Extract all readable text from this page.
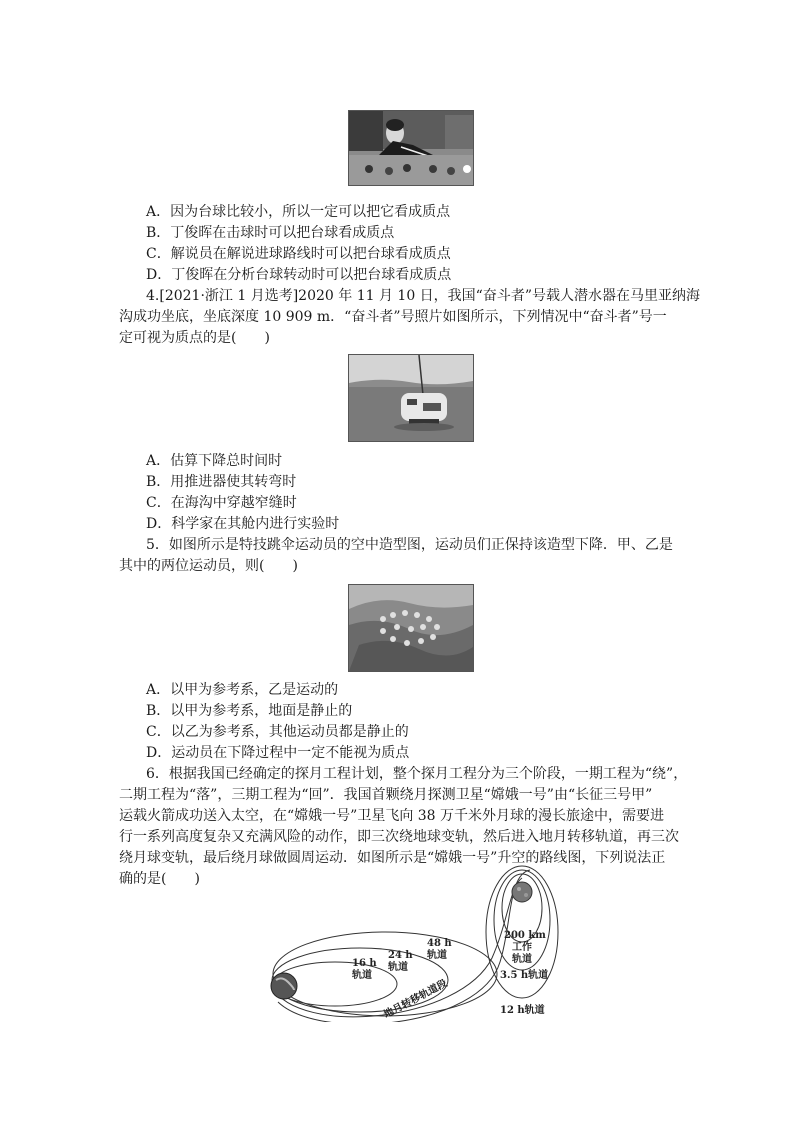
A．因为台球比较小，所以一定可以把它看成质点
B．丁俊晖在击球时可以把台球看成质点
C．解说员在解说进球路线时可以把台球看成质点
D．丁俊晖在分析台球转动时可以把台球看成质点
4.[2021·浙江 1 月选考]2020 年 11 月 10 日，我国“奋斗者”号载人潜水器在马里亚纳海
沟成功坐底，坐底深度 10 909 m．“奋斗者”号照片如图所示，下列情况中“奋斗者”号一
定可视为质点的是(　　)
A．估算下降总时间时
B．用推进器使其转弯时
C．在海沟中穿越窄缝时
D．科学家在其舱内进行实验时
5．如图所示是特技跳伞运动员的空中造型图，运动员们正保持该造型下降．甲、乙是
其中的两位运动员，则(　　)
A．以甲为参考系，乙是运动的
B．以甲为参考系，地面是静止的
C．以乙为参考系，其他运动员都是静止的
D．运动员在下降过程中一定不能视为质点
6．根据我国已经确定的探月工程计划，整个探月工程分为三个阶段，一期工程为“绕”，
二期工程为“落”，三期工程为“回”．我国首颗绕月探测卫星“嫦娥一号”由“长征三号甲”
运载火箭成功送入太空，在“嫦娥一号”卫星飞向 38 万千米外月球的漫长旅途中，需要进
行一系列高度复杂又充满风险的动作，即三次绕地球变轨，然后进入地月转移轨道，再三次
绕月球变轨，最后绕月球做圆周运动．如图所示是“嫦娥一号”升空的路线图，下列说法正
确的是(　　)
16 h
轨道
24 h
轨道
48 h
轨道
200 km
工作
轨道
3.5 h轨道
12 h轨道
地月转移轨道段
